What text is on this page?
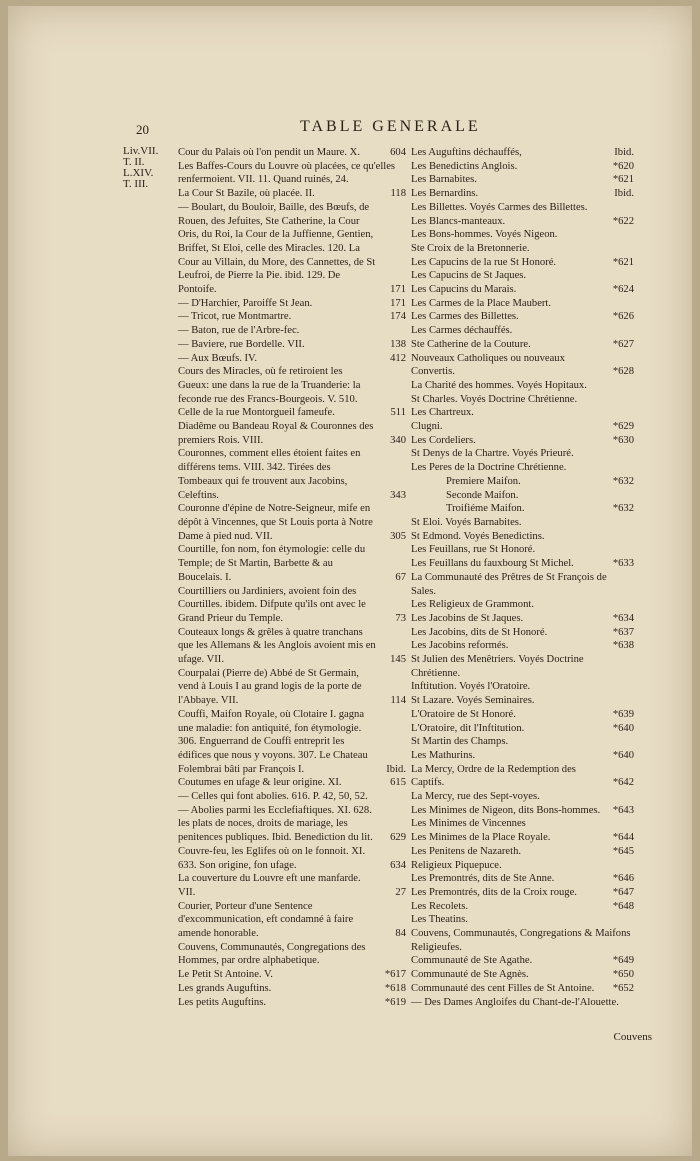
20	TABLE GENERALE
Liv.VII.
T. II.
L.XIV.
T. III.
Cour du Palais où l'on pendit un Maure. X.	604
Les Baffes-Cours du Louvre où placées, ce qu'elles renfermoient. VII. 11. Quand ruinés, 24.
La Cour St Bazile, où placée. II.	118
— Boulart, du Bouloir, Baille, des Bœufs, de Rouen, des Jefuites, Ste Catherine, la Cour Oris, du Roi, la Cour de la Juffienne, Gentien, Briffet, St Eloi, celle des Miracles. 120. La Cour au Villain, du More, des Cannettes, de St Leufroi, de Pierre la Pie. ibid. 129. De Pontoife.	171
— D'Harchier, Paroiffe St Jean.	171
— Tricot, rue Montmartre.	174
— Baton, rue de l'Arbre-fec.
— Baviere, rue Bordelle. VII.	138
— Aux Bœufs. IV.	412
Cours des Miracles, où fe retiroient les Gueux: une dans la rue de la Truanderie: la feconde rue des Francs-Bourgeois. V. 510. Celle de la rue Montorgueil fameufe.	511
Diadême ou Bandeau Royal & Couronnes des premiers Rois. VIII.	340
Couronnes, comment elles étoient faites en différens tems. VIII. 342. Tirées des Tombeaux qui fe trouvent aux Jacobins, Celeftins.	343
Couronne d'épine de Notre-Seigneur, mife en dépôt à Vincennes, que St Louis porta à Notre Dame à pied nud. VII.	305
Courtille, fon nom, fon étymologie: celle du Temple; de St Martin, Barbette & au Boucelais. I.	67
Courtilliers ou Jardiniers, avoient foin des Courtilles. ibidem. Difpute qu'ils ont avec le Grand Prieur du Temple.	73
Couteaux longs & grêles à quatre tranchans que les Allemans & les Anglois avoient mis en ufage. VII.	145
Courpalai (Pierre de) Abbé de St Germain, vend à Louis I au grand logis de la porte de l'Abbaye. VII.	114
Couffi, Maifon Royale, où Clotaire I. gagna une maladie: fon antiquité, fon étymologie. 306. Enguerrand de Couffi entreprit les édifices que nous y voyons. 307. Le Chateau Folembrai bâti par François I.	Ibid.
Coutumes en ufage & leur origine. XI.	615
— Celles qui font abolies. 616. P. 42, 50, 52.
— Abolies parmi les Ecclefiaftiques. XI. 628. les plats de noces, droits de mariage, les penitences publiques. Ibid. Benediction du lit.	629
Couvre-feu, les Eglifes où on le fonnoit. XI. 633. Son origine, fon ufage.	634
La couverture du Louvre eft une manfarde. VII.	27
Courier, Porteur d'une Sentence d'excommunication, eft condamné à faire amende honorable.	84
Couvens, Communautés, Congregations des Hommes, par ordre alphabetique.
Le Petit St Antoine. V.	*617
Les grands Auguftins.	*618
Les petits Auguftins.	*619
Les Auguftins déchauffés,	Ibid.
Les Benedictins Anglois.	*620
Les Barnabites.	*621
Les Bernardins.	Ibid.
Les Billettes. Voyés Carmes des Billettes.
Les Blancs-manteaux.	*622
Les Bons-hommes. Voyés Nigeon.
Ste Croix de la Bretonnerie.
Les Capucins de la rue St Honoré.	*621
Les Capucins de St Jaques.
Les Capucins du Marais.	*624
Les Carmes de la Place Maubert.
Les Carmes des Billettes.	*626
Les Carmes déchauffés.
Ste Catherine de la Couture.	*627
Nouveaux Catholiques ou nouveaux Convertis.	*628
La Charité des hommes. Voyés Hopitaux.
St Charles. Voyés Doctrine Chrétienne.
Les Chartreux.
Clugni.	*629
Les Cordeliers.	*630
St Denys de la Chartre. Voyés Prieuré.
Les Peres de la Doctrine Chrétienne.
Premiere Maifon.	*632
Seconde Maifon.
Troifiéme Maifon.	*632
St Eloi. Voyés Barnabites.
St Edmond. Voyés Benedictins.
Les Feuillans, rue St Honoré.
Les Feuillans du fauxbourg St Michel.	*633
La Communauté des Prêtres de St François de Sales.
Les Religieux de Grammont.
Les Jacobins de St Jaques.	*634
Les Jacobins, dits de St Honoré.	*637
Les Jacobins reformés.	*638
St Julien des Menêtriers. Voyés Doctrine Chrétienne.
Inftitution. Voyés l'Oratoire.
St Lazare. Voyés Seminaires.
L'Oratoire de St Honoré.	*639
L'Oratoire, dit l'Inftitution.	*640
St Martin des Champs.
Les Mathurins.	*640
La Mercy, Ordre de la Redemption des Captifs.	*642
La Mercy, rue des Sept-voyes.
Les Minimes de Nigeon, dits Bons-hommes.	*643
Les Minimes de Vincennes
Les Minimes de la Place Royale.	*644
Les Penitens de Nazareth.	*645
Religieux Piquepuce.
Les Premontrés, dits de Ste Anne.	*646
Les Premontrés, dits de la Croix rouge.	*647
Les Recolets.	*648
Les Theatins.
Couvens, Communautés, Congregations & Maifons Religieufes.
Communauté de Ste Agathe.	*649
Communauté de Ste Agnès.	*650
Communauté des cent Filles de St Antoine.	*652
— Des Dames Angloifes du Chant-de-l'Alouette.
Couvens
